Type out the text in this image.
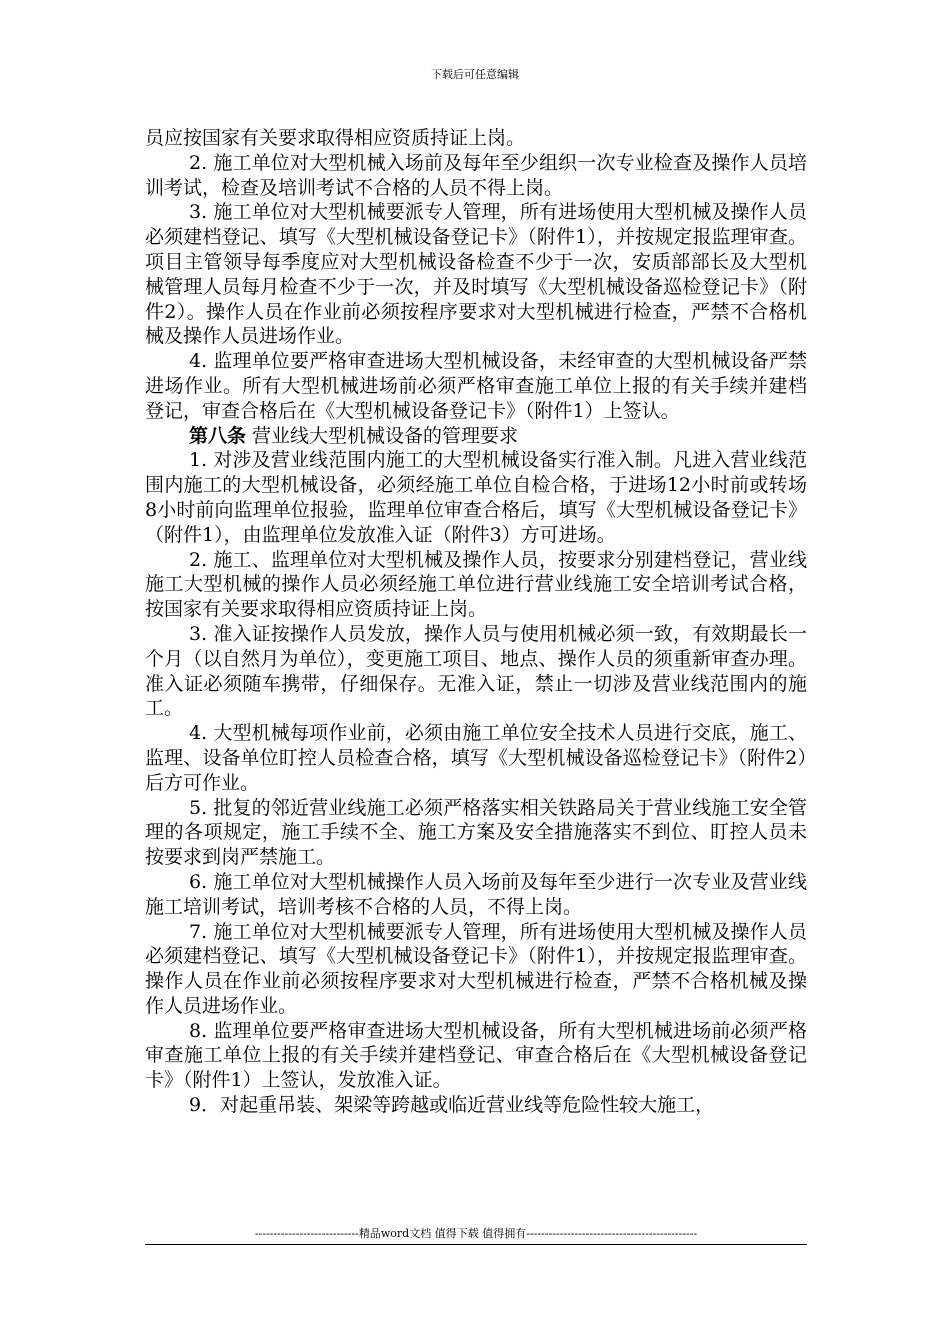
下载后可任意编辑

员应按国家有关要求取得相应资质持证上岗。

2. 施工单位对大型机械入场前及每年至少组织一次专业检查及操作人员培训考试，检查及培训考试不合格的人员不得上岗。

3. 施工单位对大型机械要派专人管理，所有进场使用大型机械及操作人员必须建档登记、填写《大型机械设备登记卡》（附件1），并按规定报监理审查。项目主管领导每季度应对大型机械设备检查不少于一次，安质部部长及大型机械管理人员每月检查不少于一次，并及时填写《大型机械设备巡检登记卡》（附件2）。操作人员在作业前必须按程序要求对大型机械进行检查，严禁不合格机械及操作人员进场作业。

4. 监理单位要严格审查进场大型机械设备，未经审查的大型机械设备严禁进场作业。所有大型机械进场前必须严格审查施工单位上报的有关手续并建档登记，审查合格后在《大型机械设备登记卡》（附件1）上签认。

第八条 营业线大型机械设备的管理要求

1. 对涉及营业线范围内施工的大型机械设备实行准入制。凡进入营业线范围内施工的大型机械设备，必须经施工单位自检合格，于进场12小时前或转场8小时前向监理单位报验，监理单位审查合格后，填写《大型机械设备登记卡》（附件1），由监理单位发放准入证（附件3）方可进场。

2. 施工、监理单位对大型机械及操作人员，按要求分别建档登记，营业线施工大型机械的操作人员必须经施工单位进行营业线施工安全培训考试合格，按国家有关要求取得相应资质持证上岗。

3. 准入证按操作人员发放，操作人员与使用机械必须一致，有效期最长一个月（以自然月为单位），变更施工项目、地点、操作人员的须重新审查办理。准入证必须随车携带，仔细保存。无准入证，禁止一切涉及营业线范围内的施工。

4. 大型机械每项作业前，必须由施工单位安全技术人员进行交底，施工、监理、设备单位盯控人员检查合格，填写《大型机械设备巡检登记卡》（附件2）后方可作业。

5. 批复的邻近营业线施工必须严格落实相关铁路局关于营业线施工安全管理的各项规定，施工手续不全、施工方案及安全措施落实不到位、盯控人员未按要求到岗严禁施工。

6. 施工单位对大型机械操作人员入场前及每年至少进行一次专业及营业线施工培训考试，培训考核不合格的人员，不得上岗。

7. 施工单位对大型机械要派专人管理，所有进场使用大型机械及操作人员必须建档登记、填写《大型机械设备登记卡》（附件1），并按规定报监理审查。操作人员在作业前必须按程序要求对大型机械进行检查，严禁不合格机械及操作人员进场作业。

8. 监理单位要严格审查进场大型机械设备，所有大型机械进场前必须严格审查施工单位上报的有关手续并建档登记、审查合格后在《大型机械设备登记卡》（附件1）上签认，发放准入证。

9．对起重吊装、架梁等跨越或临近营业线等危险性较大施工，

----------------------------精品word文档 值得下载 值得拥有----------------------------------------------
